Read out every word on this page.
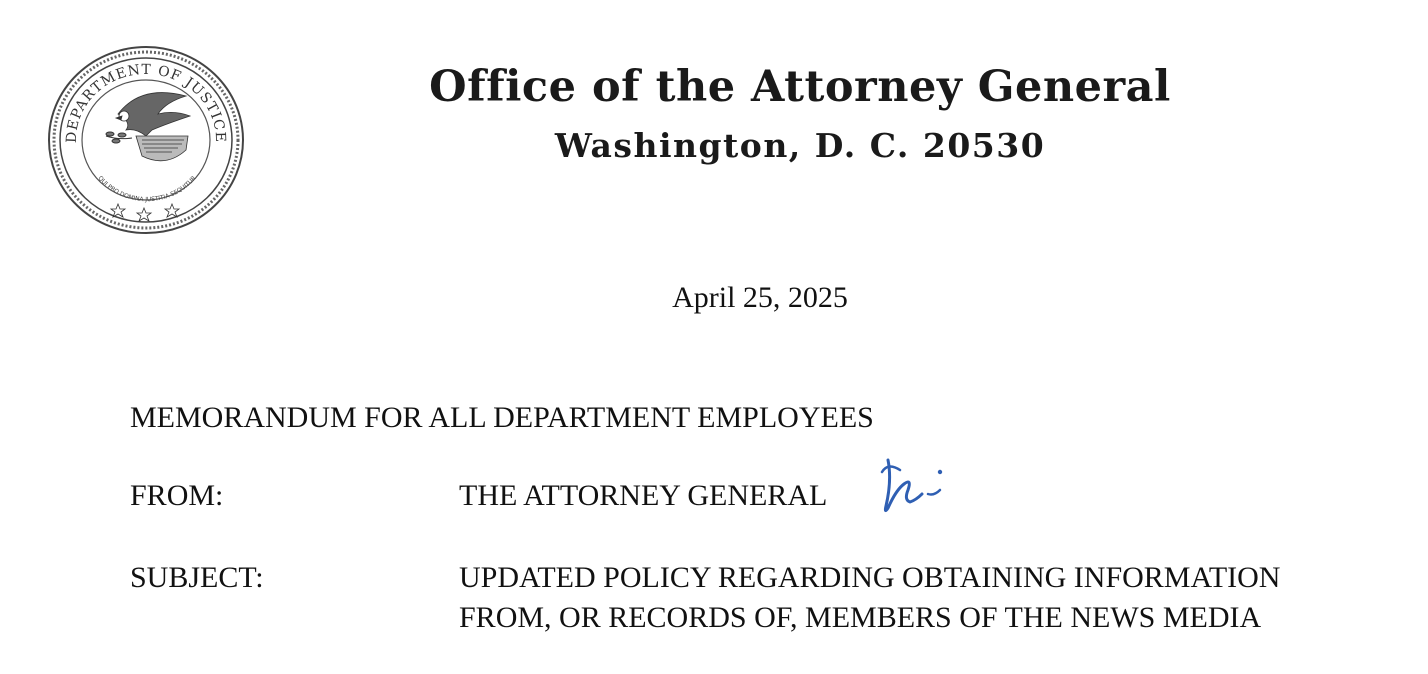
DEPARTMENT OF JUSTICE
QUI PRO DOMINA JUSTITIA SEQUITUR
Office of the Attorney General
Washington, D. C. 20530
April 25, 2025
MEMORANDUM FOR ALL DEPARTMENT EMPLOYEES
FROM:	THE ATTORNEY GENERAL
SUBJECT:	UPDATED POLICY REGARDING OBTAINING INFORMATION
FROM, OR RECORDS OF, MEMBERS OF THE NEWS MEDIA
